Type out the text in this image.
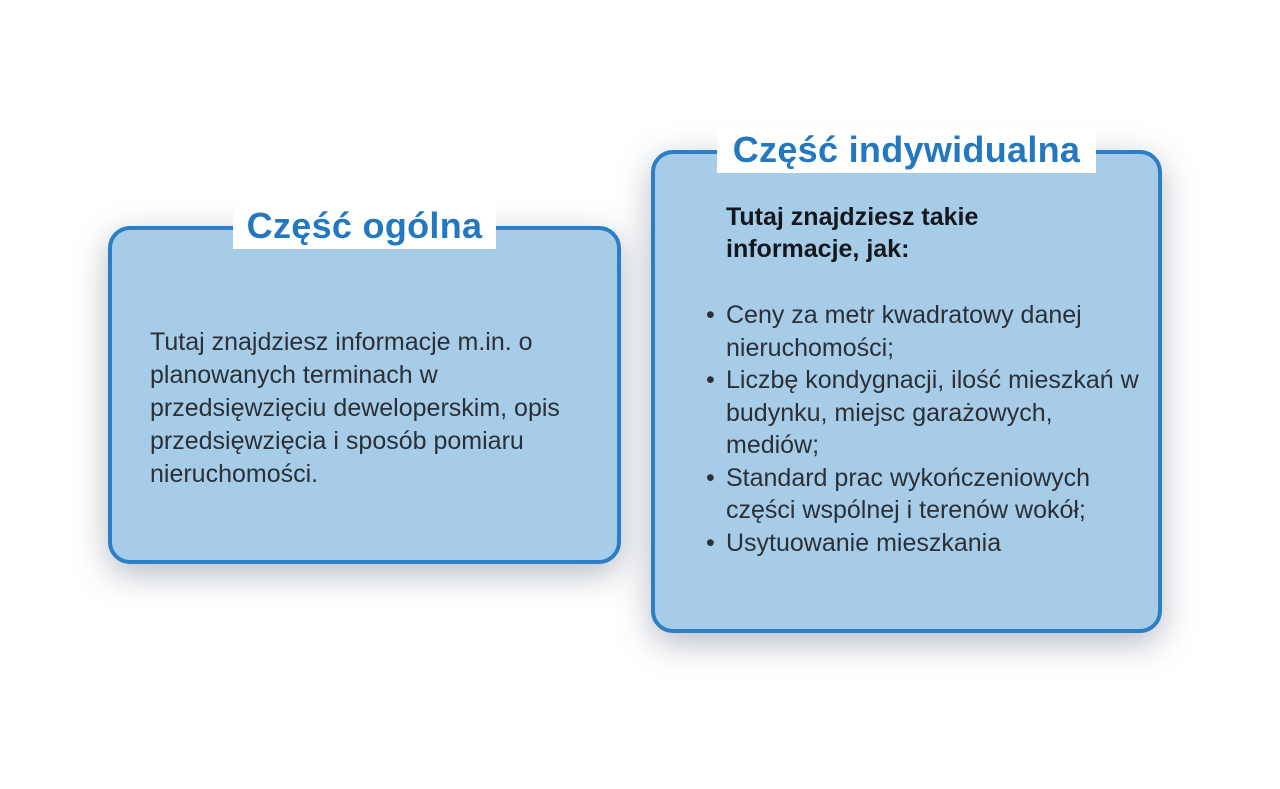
Część ogólna

Tutaj znajdziesz informacje m.in. o planowanych terminach w przedsięwzięciu deweloperskim, opis przedsięwzięcia i sposób pomiaru nieruchomości.

Część indywidualna

Tutaj znajdziesz takie informacje, jak:

• Ceny za metr kwadratowy danej nieruchomości;
• Liczbę kondygnacji, ilość mieszkań w budynku, miejsc garażowych, mediów;
• Standard prac wykończeniowych części wspólnej i terenów wokół;
• Usytuowanie mieszkania
